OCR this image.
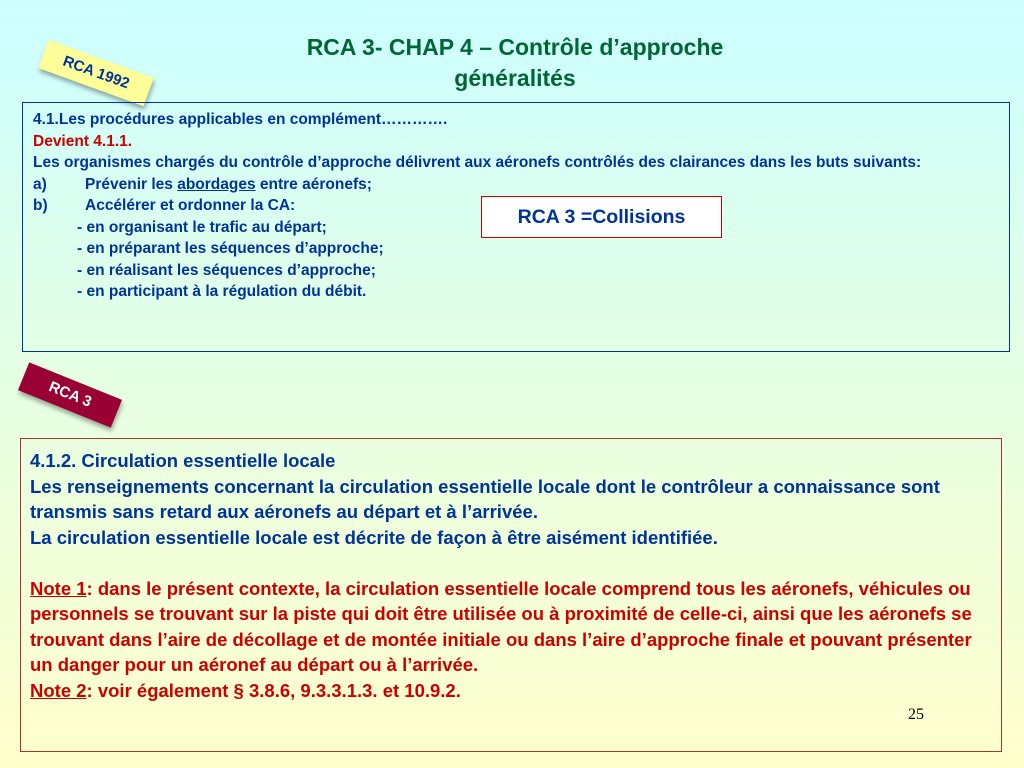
RCA 3- CHAP 4 – Contrôle d’approche
généralités
RCA 1992
4.1.Les procédures applicables en complément………….
Devient 4.1.1.
Les organismes chargés du contrôle d’approche délivrent aux aéronefs contrôlés des clairances dans les buts suivants:
a)	Prévenir les abordages entre aéronefs;
b)	Accélérer et ordonner la CA:
- en organisant le trafic au départ;
- en préparant les séquences d’approche;
- en réalisant les séquences d’approche;
- en participant à la régulation du débit.
RCA 3 =Collisions
RCA 3
4.1.2. Circulation essentielle locale
Les renseignements concernant la circulation essentielle locale dont le contrôleur a connaissance sont transmis sans retard aux aéronefs au départ et à l’arrivée.
La circulation essentielle locale est décrite de façon à être aisément identifiée.
Note 1: dans le présent contexte, la circulation essentielle locale comprend tous les aéronefs, véhicules ou personnels se trouvant sur la piste qui doit être utilisée ou à proximité de celle-ci, ainsi que les aéronefs se trouvant dans l’aire de décollage et de montée initiale ou dans l’aire d’approche finale et pouvant présenter un danger pour un aéronef au départ ou à l’arrivée.
Note 2: voir également § 3.8.6, 9.3.3.1.3. et 10.9.2.
25
